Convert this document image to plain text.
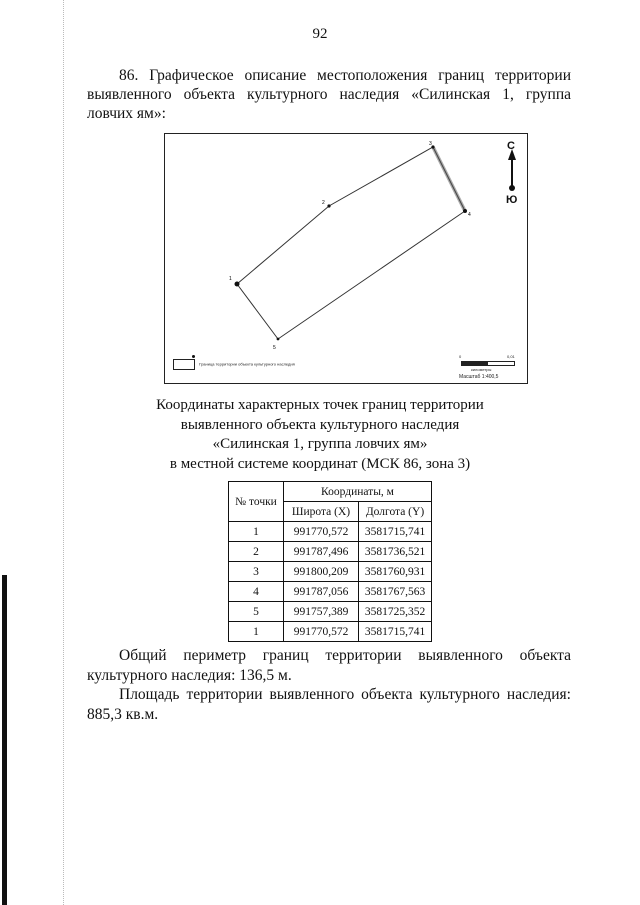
92
86. Графическое описание местоположения границ территории выявленного объекта культурного наследия «Силинская 1, группа ловчих ям»:
1
2
3
4
5
С
Ю
Граница территории объекта культурного наследия
0	0,01
километры
Масштаб 1:400,5
Координаты характерных точек границ территории
выявленного объекта культурного наследия
«Силинская 1, группа ловчих ям»
в местной системе координат (МСК 86, зона 3)
№ точки	Координаты, м	
	Широта (X)	Долгота (Y)
1	991770,572	3581715,741
2	991787,496	3581736,521
3	991800,209	3581760,931
4	991787,056	3581767,563
5	991757,389	3581725,352
1	991770,572	3581715,741

Общий периметр границ территории выявленного объекта культурного наследия: 136,5 м.

Площадь территории выявленного объекта культурного наследия: 885,3 кв.м.
